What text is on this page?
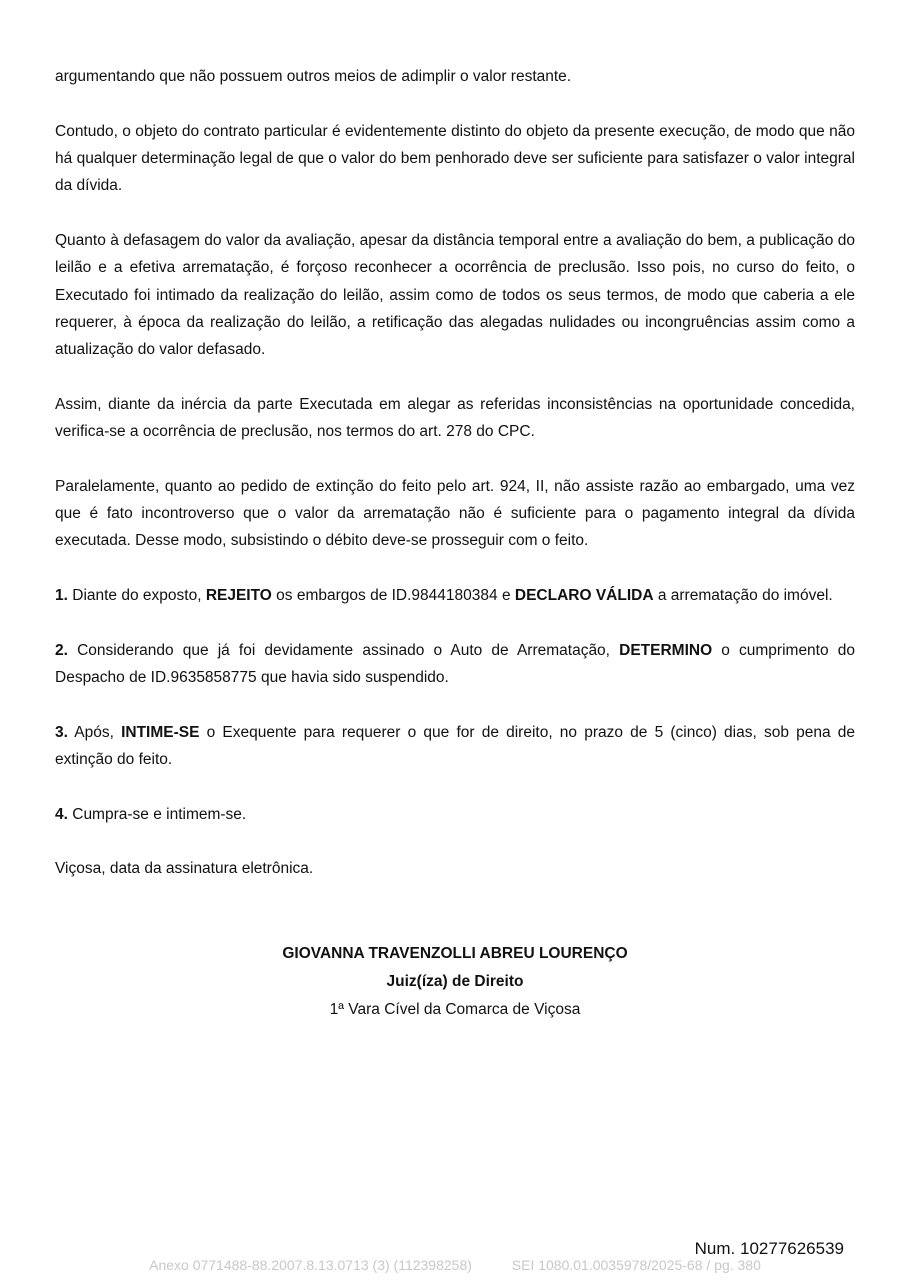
argumentando que não possuem outros meios de adimplir o valor restante.

Contudo, o objeto do contrato particular é evidentemente distinto do objeto da presente execução, de modo que não há qualquer determinação legal de que o valor do bem penhorado deve ser suficiente para satisfazer o valor integral da dívida.

Quanto à defasagem do valor da avaliação, apesar da distância temporal entre a avaliação do bem, a publicação do leilão e a efetiva arrematação, é forçoso reconhecer a ocorrência de preclusão. Isso pois, no curso do feito, o Executado foi intimado da realização do leilão, assim como de todos os seus termos, de modo que caberia a ele requerer, à época da realização do leilão, a retificação das alegadas nulidades ou incongruências assim como a atualização do valor defasado.

Assim, diante da inércia da parte Executada em alegar as referidas inconsistências na oportunidade concedida, verifica-se a ocorrência de preclusão, nos termos do art. 278 do CPC.

Paralelamente, quanto ao pedido de extinção do feito pelo art. 924, II, não assiste razão ao embargado, uma vez que é fato incontroverso que o valor da arrematação não é suficiente para o pagamento integral da dívida executada. Desse modo, subsistindo o débito deve-se prosseguir com o feito.

1. Diante do exposto, REJEITO os embargos de ID.9844180384 e DECLARO VÁLIDA a arrematação do imóvel.

2. Considerando que já foi devidamente assinado o Auto de Arrematação, DETERMINO o cumprimento do Despacho de ID.9635858775 que havia sido suspendido.

3. Após, INTIME-SE o Exequente para requerer o que for de direito, no prazo de 5 (cinco) dias, sob pena de extinção do feito.

4. Cumpra-se e intimem-se.

Viçosa, data da assinatura eletrônica.

GIOVANNA TRAVENZOLLI ABREU LOURENÇO
Juiz(íza) de Direito
1ª Vara Cível da Comarca de Viçosa
Num. 10277626539
Anexo 0771488-88.2007.8.13.0713 (3) (112398258)	SEI 1080.01.0035978/2025-68 / pg. 380
